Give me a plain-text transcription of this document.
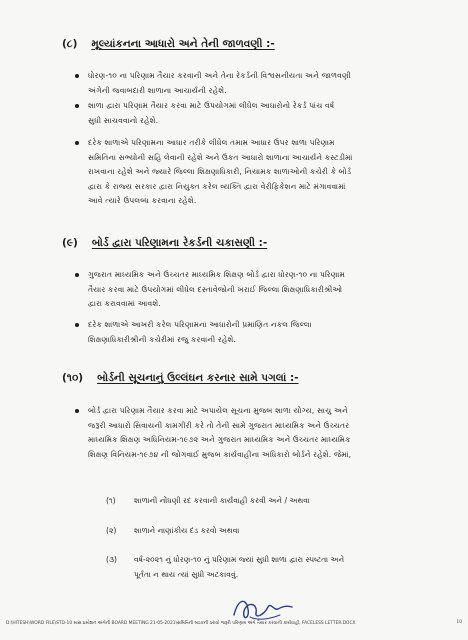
(૮) મૂલ્યાંકનના આધારો અને તેની જાળવણી :-
ધોરણ-૧૦ ના પરિણામ તૈયાર કરવાની અને તેના રેકર્ડની વિશ્વસનીયતા અને જાળવણી
અંગેની જવાબદારી શાળાના આચાર્યની રહેશે.
શાળા દ્વારા પરિણામ તૈયાર કરવા માટે ઉપયોગમાં લીધેલ આધારોનો રેકર્ડ પાંચ વર્ષ
સુધી સાચવવાનો રહેશે.
દરેક શાળાએ પરિણામના આધાર તરીકે લીધેલ તમામ આધાર ઉપર શાળા પરિણામ
સમિતિના સભ્યોની સહિ લેવાની રહેશે અને ઉકત આધારો શાળાના આચાર્યને કસ્ટડીમાં
રાખવાના રહેશે અને જ્યારે જિલ્લા શિક્ષણાધિકારી, નિયામક શાળાઓની કચેરી કે બોર્ડ
દ્વારા કે રાજ્ય સરકાર દ્વારા નિયુક્ત કરેલ વ્યક્તિ દ્વારા વેરીફિકેશન માટે મંગાવવામાં
આવે ત્યારે ઉપલબ્ધ કરવાના રહેશે.
(૯) બોર્ડ દ્વારા પરિણામના રેકર્ડની ચકાસણી :-
ગુજરાત માધ્યમિક અને ઉચ્ચતર માધ્યમિક શિક્ષણ બોર્ડ દ્વારા ધોરણ-૧૦ ના પરિણામ
તૈયાર કરવા માટે ઉપયોગમાં લીધેલ દસ્તાવેજોની ખરાઈ જિલ્લા શિક્ષણાધિકારીશ્રીઓ
દ્વારા કરાવવામાં આવશે.
દરેક શાળાએ આખરી કરેલ પરિણામના આધારોની પ્રમાણિત નકલ જિલ્લા
શિક્ષણાધિકારીશ્રીની કચેરીમાં રજુ કરવાની રહેશે.
(૧૦) બોર્ડની સૂચનાનું ઉલ્લંઘન કરનાર સામે પગલાં :-
બોર્ડ દ્વારા પરિણામ તૈયાર કરવા માટે અપાયેલ સૂચના મુજબ શાળા યોગ્ય, સાચુ અને
જરૂરી આધારો સિવાયની કામગીરી કરે તો તેની સામે ગુજરાત માધ્યમિક અને ઉચ્ચતર
માધ્યમિક શિક્ષણ અધિનિયમ-૧૯૭૨ અને ગુજરાત માધ્યમિક અને ઉચ્ચતર માધ્યમિક
શિક્ષણ વિનિયમ-૧૯૭૪ ની જોગવાઈ મુજબ કાર્યવાહીના અધિકારો બોર્ડને રહેશે. જેમાં,
(૧) શાળાની નોંધણી રદ કરવાની કાર્યવાહી કરવી અને / અથવા
(૨) શાળાને નાણાંકીય દંડ કરવો અથવા
(૩) વર્ષ-૨૦૨૧ નું ધોરણ-૧૦ નું પરિણામ જ્યાં સુધી શાળા દ્વારા સ્પષ્ટતા અને
પૂર્તતા ન થાય ત્યાં સુધી અટકાવવું.
D:\HITESH\WORD FILE\STD-10 માસ પ્રમોશન અંગેની BOARD MEETING 21-05-2021\સમિતિની બઠકની ઠરાવો જરૂરી પરિણામ અંગે તૈયાર કરવાની કાર્યવાહી, FACELESS LETTER.DOCX	10
